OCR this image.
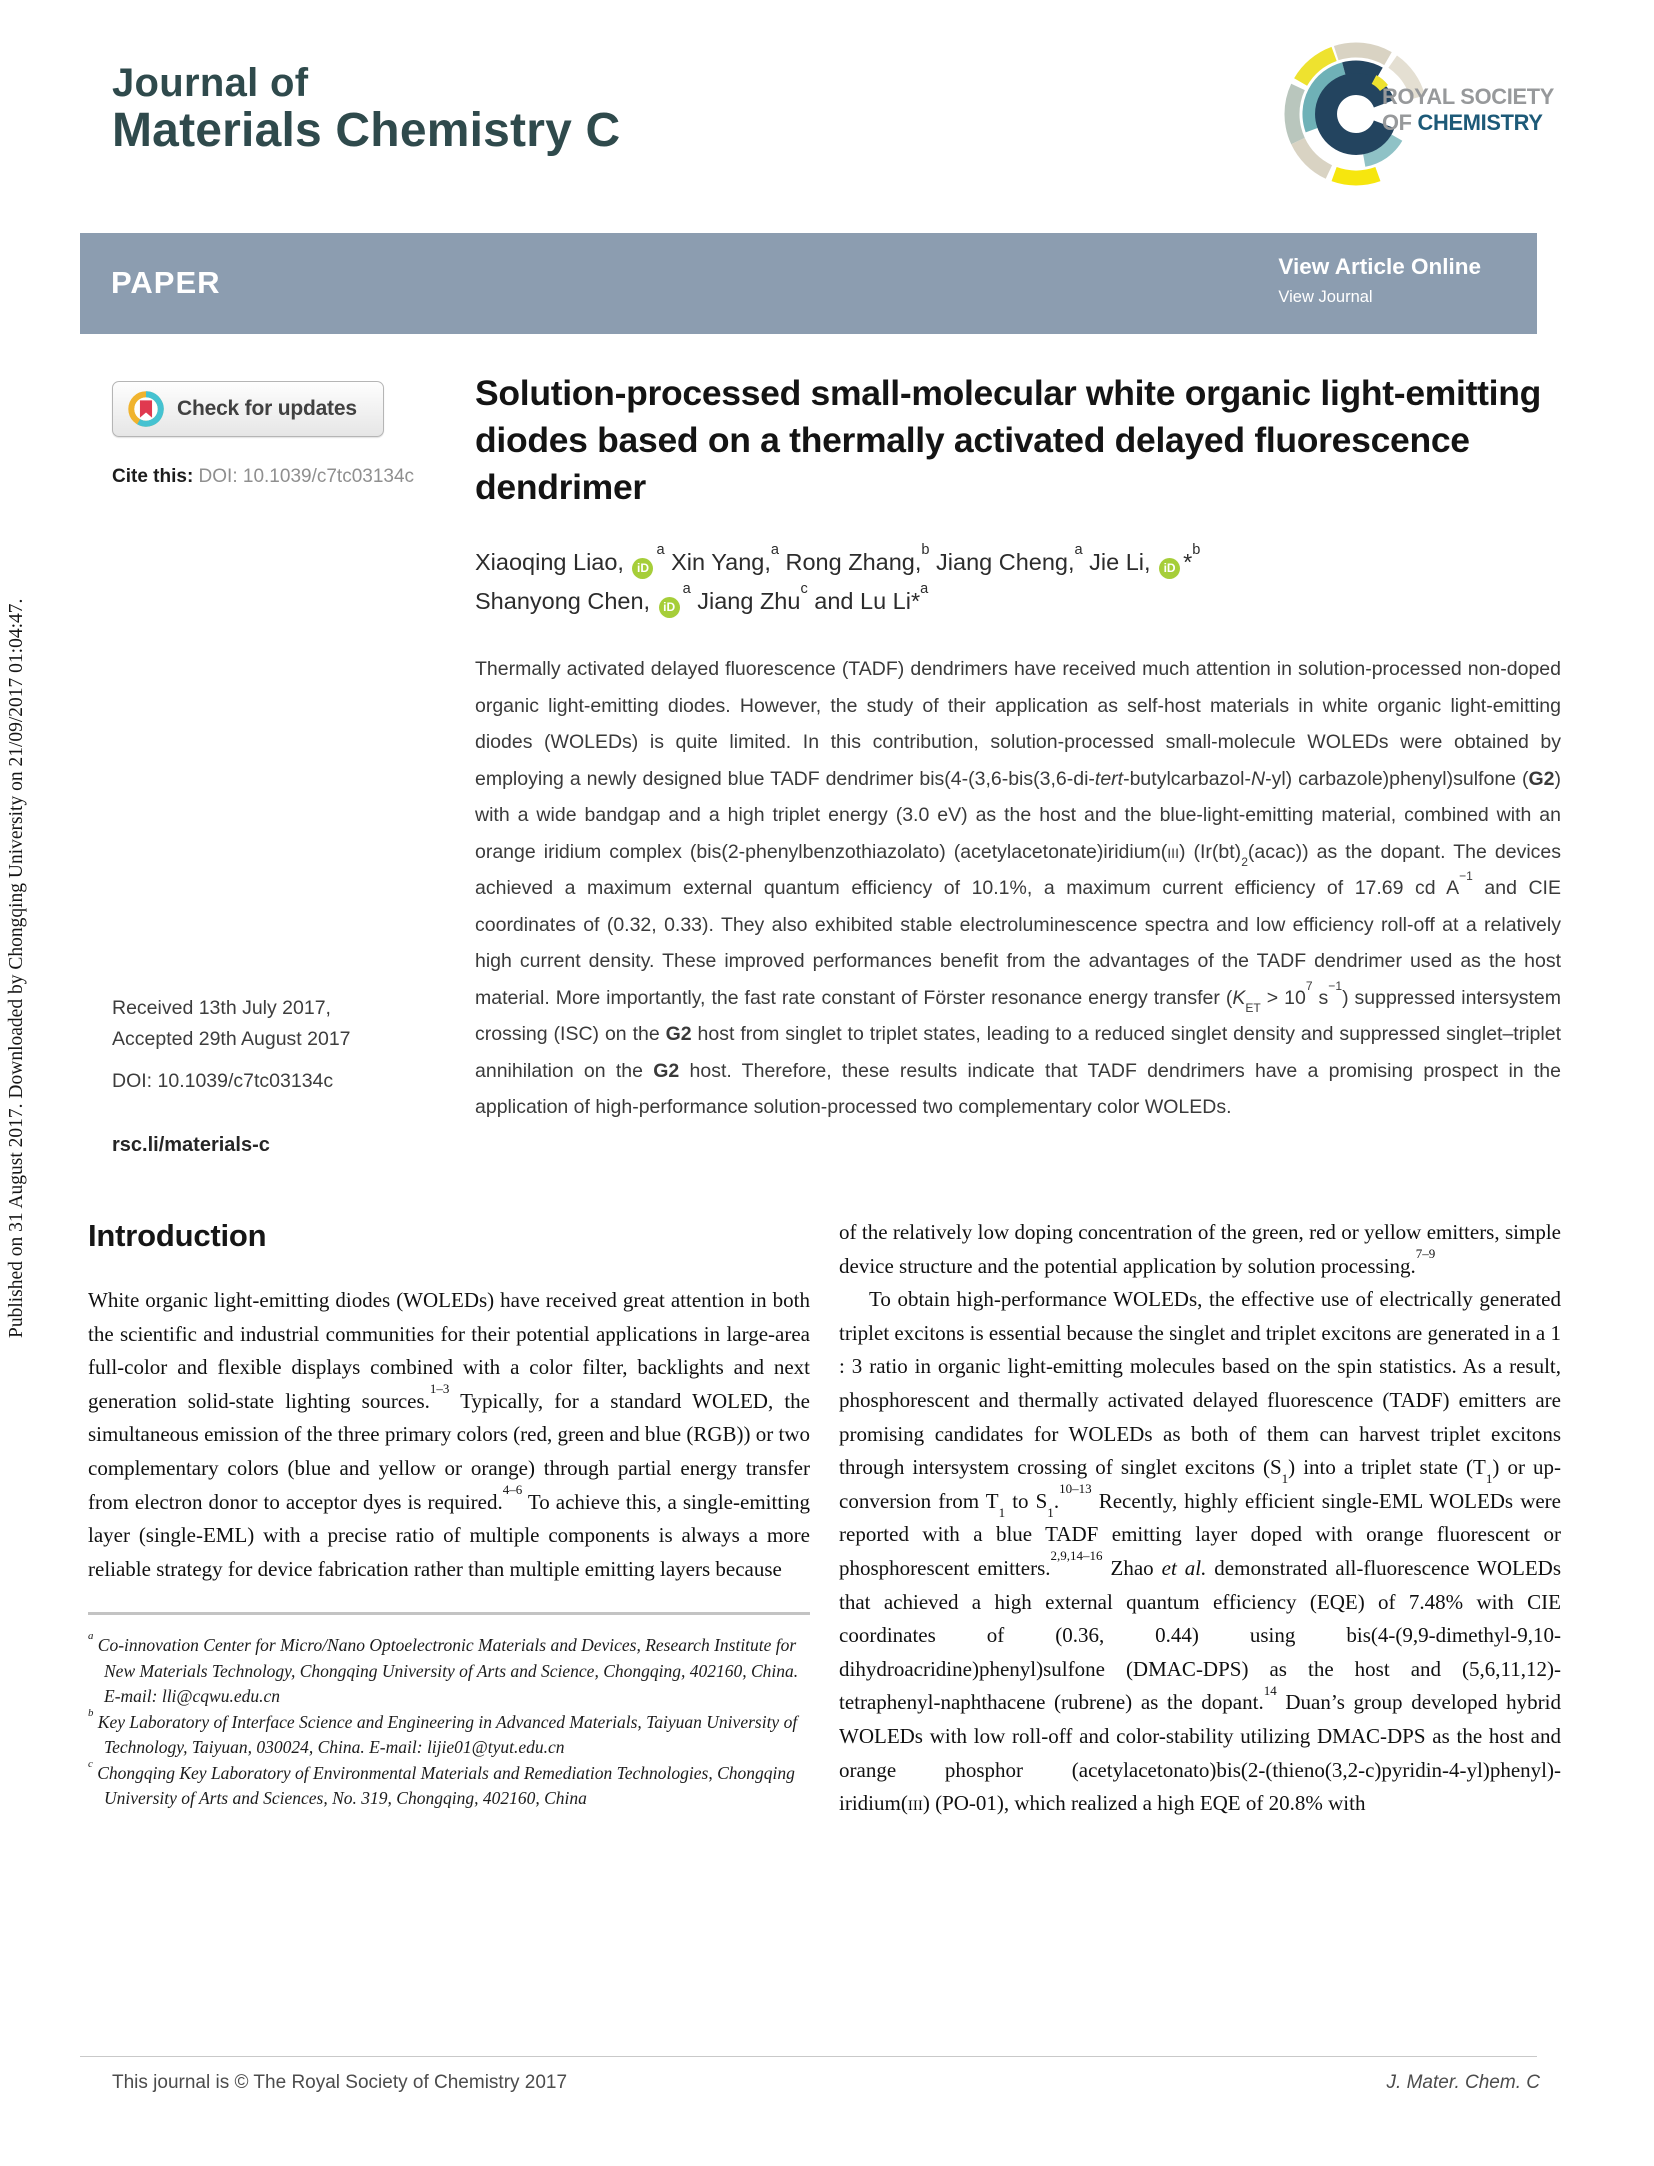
Published on 31 August 2017. Downloaded by Chongqing University on 21/09/2017 01:04:47.
Journal of
Materials Chemistry C
ROYAL SOCIETY
OF CHEMISTRY
PAPER	View Article Online
View Journal
Check for updates
Cite this: DOI: 10.1039/c7tc03134c
Received 13th July 2017,
Accepted 29th August 2017
DOI: 10.1039/c7tc03134c
rsc.li/materials-c
Solution-processed small-molecular white organic light-emitting diodes based on a thermally activated delayed fluorescence dendrimer
Xiaoqing Liao, $iD^a$ Xin Yang,$^a$ Rong Zhang,$^b$ Jiang Cheng,$^a$ Jie Li, iD *$^b$
Shanyong Chen, $iD^a$ Jiang Zhu$^c$ and Lu Li*$^a$
Thermally activated delayed fluorescence (TADF) dendrimers have received much attention in solution-processed non-doped organic light-emitting diodes. However, the study of their application as self-host materials in white organic light-emitting diodes (WOLEDs) is quite limited. In this contribution, solution-processed small-molecule WOLEDs were obtained by employing a newly designed blue TADF dendrimer bis(4-(3,6-bis(3,6-di-tert-butylcarbazol-N-yl) carbazole)phenyl)sulfone (G2) with a wide bandgap and a high triplet energy (3.0 eV) as the host and the blue-light-emitting material, combined with an orange iridium complex (bis(2-phenylbenzothiazolato) (acetylacetonate)iridium(iii) $(Ir(bt)_2(acac))$ as the dopant. The devices achieved a maximum external quantum efficiency of 10.1%, a maximum current efficiency of 17.69 cd $A^{-1}$ and CIE coordinates of (0.32, 0.33). They also exhibited stable electroluminescence spectra and low efficiency roll-off at a relatively high current density. These improved performances benefit from the advantages of the TADF dendrimer used as the host material. More importantly, the fast rate constant of Förster resonance energy transfer ($K_{ET} > 10^7$ $s^{-1}$) suppressed intersystem crossing (ISC) on the G2 host from singlet to triplet states, leading to a reduced singlet density and suppressed singlet–triplet annihilation on the G2 host. Therefore, these results indicate that TADF dendrimers have a promising prospect in the application of high-performance solution-processed two complementary color WOLEDs.
Introduction

White organic light-emitting diodes (WOLEDs) have received great attention in both the scientific and industrial communities for their potential applications in large-area full-color and flexible displays combined with a color filter, backlights and next generation solid-state lighting sources.$^{1-3}$ Typically, for a standard WOLED, the simultaneous emission of the three primary colors (red, green and blue (RGB)) or two complementary colors (blue and yellow or orange) through partial energy transfer from electron donor to acceptor dyes is required.$^{4-6}$ To achieve this, a single-emitting layer (single-EML) with a precise ratio of multiple components is always a more reliable strategy for device fabrication rather than multiple emitting layers because

$^a$ Co-innovation Center for Micro/Nano Optoelectronic Materials and Devices, Research Institute for New Materials Technology, Chongqing University of Arts and Science, Chongqing, 402160, China. E-mail: lli@cqwu.edu.cn
$^b$ Key Laboratory of Interface Science and Engineering in Advanced Materials, Taiyuan University of Technology, Taiyuan, 030024, China. E-mail: lijie01@tyut.edu.cn
$^c$ Chongqing Key Laboratory of Environmental Materials and Remediation Technologies, Chongqing University of Arts and Sciences, No. 319, Chongqing, 402160, China

of the relatively low doping concentration of the green, red or yellow emitters, simple device structure and the potential application by solution processing.$^{7-9}$

To obtain high-performance WOLEDs, the effective use of electrically generated triplet excitons is essential because the singlet and triplet excitons are generated in a 1 : 3 ratio in organic light-emitting molecules based on the spin statistics. As a result, phosphorescent and thermally activated delayed fluorescence (TADF) emitters are promising candidates for WOLEDs as both of them can harvest triplet excitons through intersystem crossing of singlet excitons $(S_1)$ into a triplet state $(T_1)$ or up-conversion from $T_1$ to $S_1.^{10-13}$ Recently, highly efficient single-EML WOLEDs were reported with a blue TADF emitting layer doped with orange fluorescent or phosphorescent emitters.$^{2,9,14-16}$ Zhao et al. demonstrated all-fluorescence WOLEDs that achieved a high external quantum efficiency (EQE) of 7.48% with CIE coordinates of (0.36, 0.44) using bis(4-(9,9-dimethyl-9,10-dihydroacridine)phenyl)sulfone (DMAC-DPS) as the host and (5,6,11,12)-tetraphenyl-naphthacene (rubrene) as the dopant.$^{14}$ Duan’s group developed hybrid WOLEDs with low roll-off and color-stability utilizing DMAC-DPS as the host and orange phosphor (acetylacetonato)bis(2-(thieno(3,2-c)pyridin-4-yl)phenyl)-iridium(iii) (PO-01), which realized a high EQE of 20.8% with

This journal is © The Royal Society of Chemistry 2017	J. Mater. Chem. C
